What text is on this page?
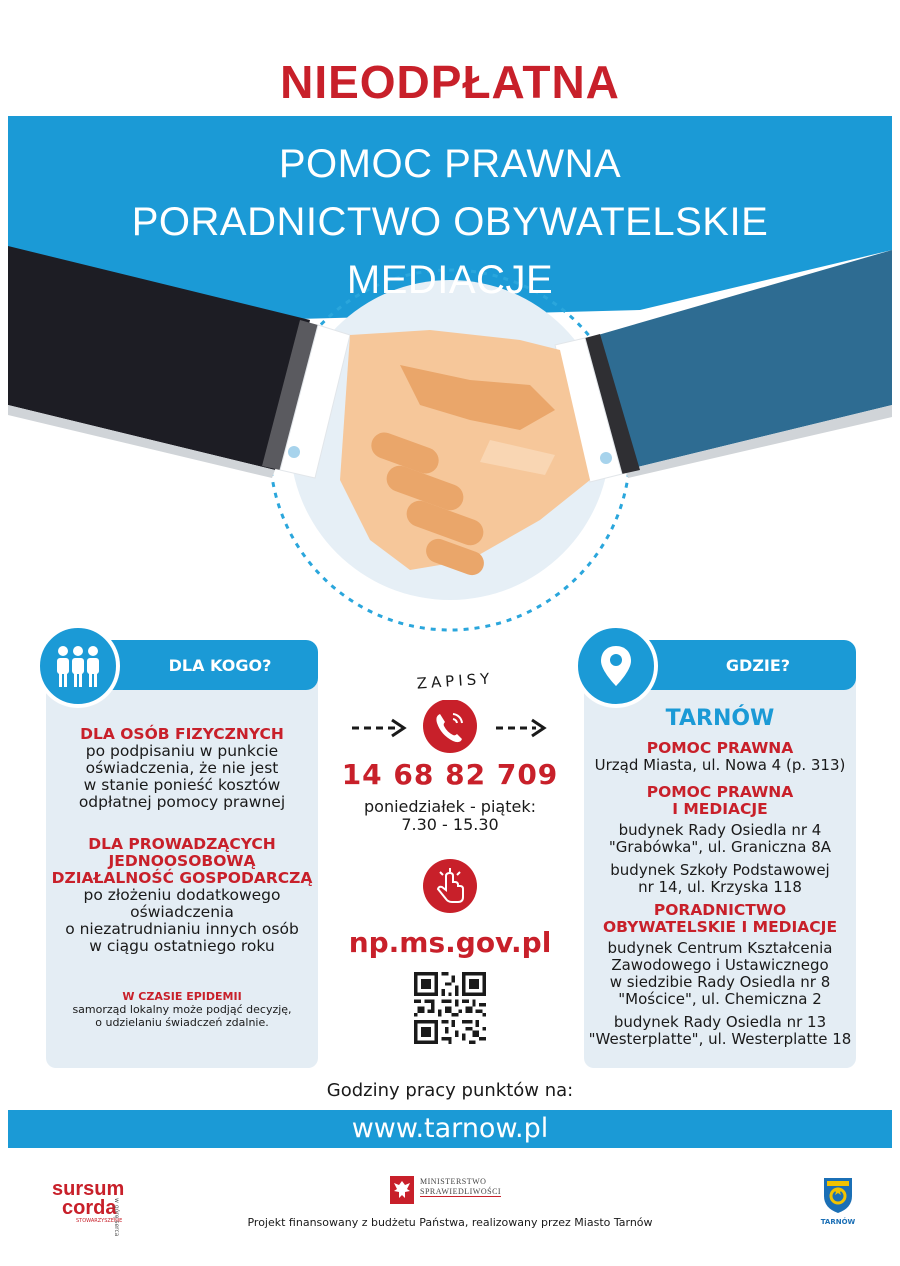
NIEODPŁATNA
POMOC PRAWNA
PORADNICTWO OBYWATELSKIE
MEDIACJE
DLA KOGO?
DLA OSÓB FIZYCZNYCH
po podpisaniu w punkcie
oświadczenia, że nie jest
w stanie ponieść kosztów
odpłatnej pomocy prawnej
DLA PROWADZĄCYCH
JEDNOOSOBOWĄ
DZIAŁALNOŚĆ GOSPODARCZĄ
po złożeniu dodatkowego
oświadczenia
o niezatrudnianiu innych osób
w ciągu ostatniego roku
W CZASIE EPIDEMII
samorząd lokalny może podjąć decyzję,
o udzielaniu świadczeń zdalnie.
ZAPISY
14 68 82 709
poniedziałek - piątek:
7.30 - 15.30
np.ms.gov.pl
GDZIE?
TARNÓW
POMOC PRAWNA
Urząd Miasta, ul. Nowa 4 (p. 313)
POMOC PRAWNA
I MEDIACJE
budynek Rady Osiedla nr 4
"Grabówka", ul. Graniczna 8A
budynek Szkoły Podstawowej
nr 14, ul. Krzyska 118
PORADNICTWO
OBYWATELSKIE I MEDIACJE
budynek Centrum Kształcenia
Zawodowego i Ustawicznego
w siedzibie Rady Osiedla nr 8
"Mościce", ul. Chemiczna 2
budynek Rady Osiedla nr 13
"Westerplatte", ul. Westerplatte 18
Godziny pracy punktów na:
www.tarnow.pl
sursum
corda
STOWARZYSZENIE
w górę serca
MINISTERSTWO
SPRAWIEDLIWOŚCI
Projekt finansowany z budżetu Państwa, realizowany przez Miasto Tarnów	TARNÓW
